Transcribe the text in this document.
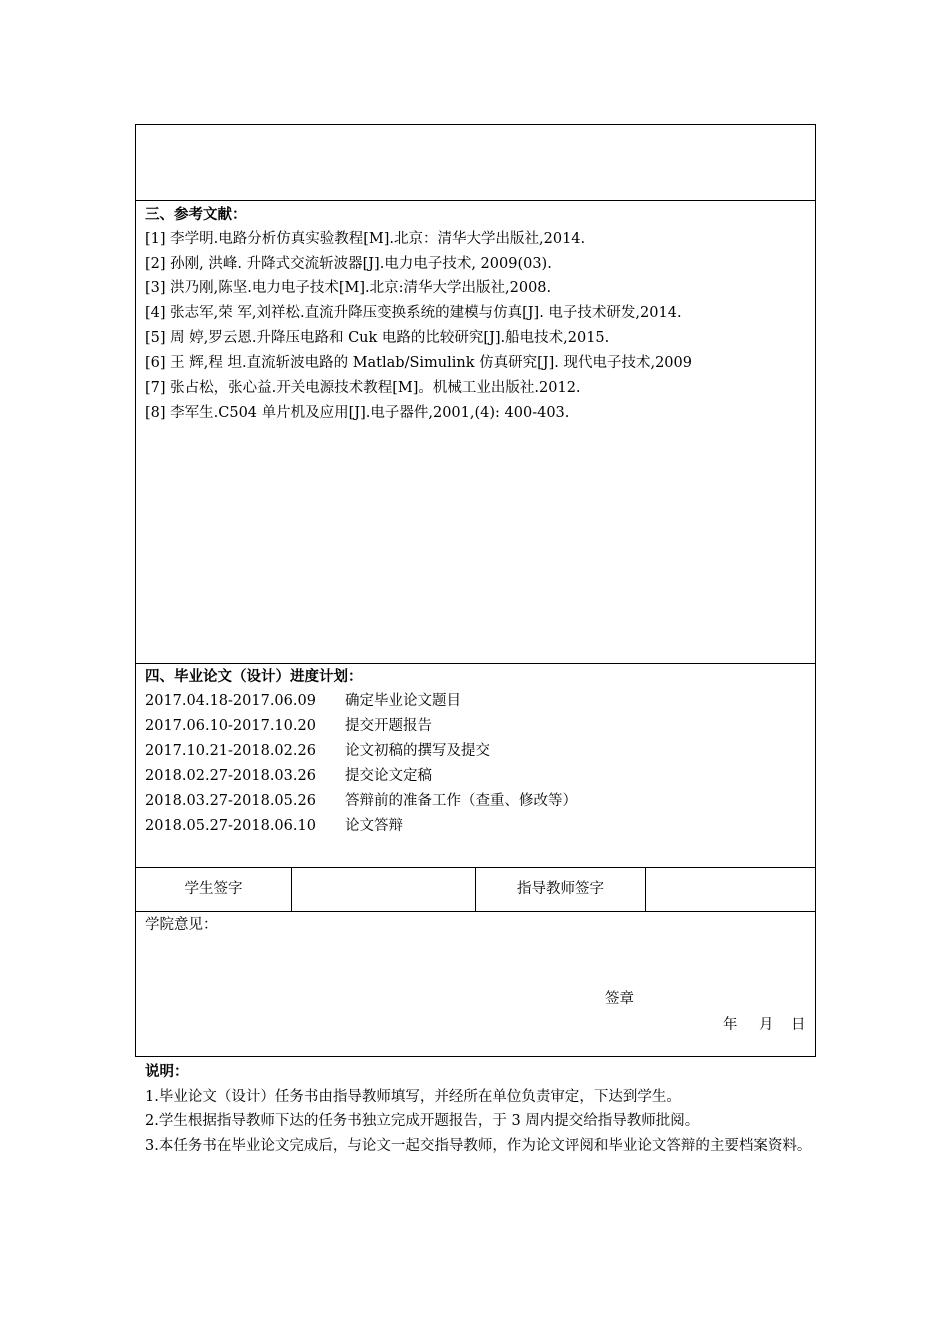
三、参考文献：
[1] 李学明.电路分析仿真实验教程[M].北京：清华大学出版社,2014.
[2] 孙刚, 洪峰. 升降式交流斩波器[J].电力电子技术, 2009(03).
[3] 洪乃刚,陈坚.电力电子技术[M].北京:清华大学出版社,2008.
[4] 张志军,荣 军,刘祥松.直流升降压变换系统的建模与仿真[J]. 电子技术研发,2014.
[5] 周 婷,罗云恩.升降压电路和 Cuk 电路的比较研究[J].船电技术,2015.
[6] 王 辉,程 坦.直流斩波电路的 Matlab/Simulink 仿真研究[J]. 现代电子技术,2009
[7] 张占松，张心益.开关电源技术教程[M]。机械工业出版社.2012.
[8] 李军生.C504 单片机及应用[J].电子器件,2001,(4): 400-403.
四、毕业论文（设计）进度计划：
2017.04.18-2017.06.09 确定毕业论文题目
2017.06.10-2017.10.20 提交开题报告
2017.10.21-2018.02.26 论文初稿的撰写及提交
2018.02.27-2018.03.26 提交论文定稿
2018.03.27-2018.05.26 答辩前的准备工作（查重、修改等）
2018.05.27-2018.06.10 论文答辩
学生签字	指导教师签字
学院意见：
签章
年 月 日
说明：
1.毕业论文（设计）任务书由指导教师填写，并经所在单位负责审定，下达到学生。
2.学生根据指导教师下达的任务书独立完成开题报告，于 3 周内提交给指导教师批阅。
3.本任务书在毕业论文完成后，与论文一起交指导教师，作为论文评阅和毕业论文答辩的主要档案资料。
